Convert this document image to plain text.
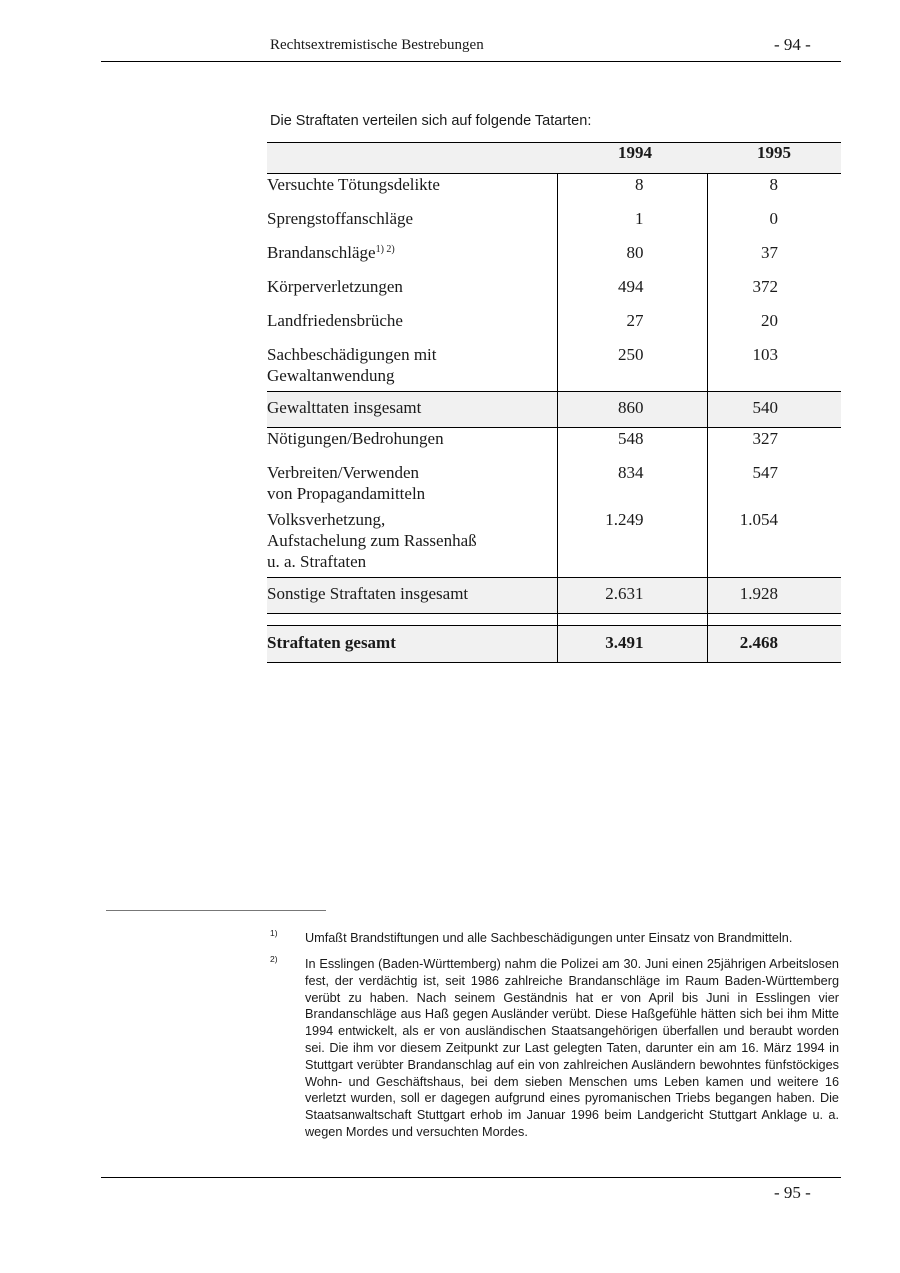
Rechtsextremistische Bestrebungen	- 94 -
Die Straftaten verteilen sich auf folgende Tatarten:
	1994	1995
Versuchte Tötungsdelikte	8	8
Sprengstoffanschläge	1	0
Brandanschläge$^{1) 2)}$	80	37
Körperverletzungen	494	372
Landfriedensbrüche	27	20

Sachbeschädigungen mit
Gewaltanwendung	250	103
Gewalttaten insgesamt	860	540
Nötigungen/Bedrohungen	548	327

Verbreiten/Verwenden
von Propagandamitteln	834	547

Volksverhetzung,
Aufstachelung zum Rassenhaß
u. a. Straftaten	1.249	1.054
Sonstige Straftaten insgesamt	2.631	1.928

Straftaten gesamt	3.491	2.468
1) Umfaßt Brandstiftungen und alle Sachbeschädigungen unter Einsatz von Brandmitteln.
2) In Esslingen (Baden-Württemberg) nahm die Polizei am 30. Juni einen 25jährigen Arbeitslosen fest, der verdächtig ist, seit 1986 zahlreiche Brandanschläge im Raum Baden-Württemberg verübt zu haben. Nach seinem Geständnis hat er von April bis Juni in Esslingen vier Brandanschläge aus Haß gegen Ausländer verübt. Diese Haßgefühle hätten sich bei ihm Mitte 1994 entwickelt, als er von ausländischen Staatsangehörigen überfallen und beraubt worden sei. Die ihm vor diesem Zeitpunkt zur Last gelegten Taten, darunter ein am 16. März 1994 in Stuttgart verübter Brandanschlag auf ein von zahlreichen Ausländern bewohntes fünfstöckiges Wohn- und Geschäftshaus, bei dem sieben Menschen ums Leben kamen und weitere 16 verletzt wurden, soll er dagegen aufgrund eines pyromanischen Triebs begangen haben. Die Staatsanwaltschaft Stuttgart erhob im Januar 1996 beim Landgericht Stuttgart Anklage u. a. wegen Mordes und versuchten Mordes.
- 95 -
